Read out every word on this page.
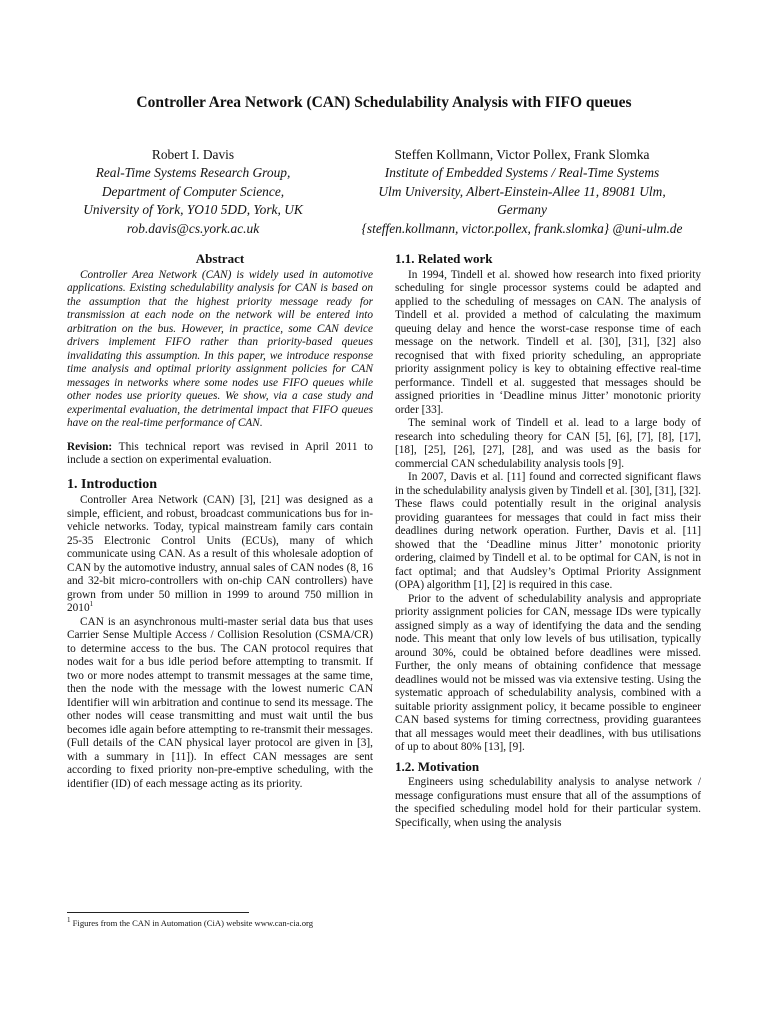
Controller Area Network (CAN) Schedulability Analysis with FIFO queues
Robert I. Davis
Real-Time Systems Research Group,
Department of Computer Science,
University of York, YO10 5DD, York, UK
rob.davis@cs.york.ac.uk
Steffen Kollmann, Victor Pollex, Frank Slomka
Institute of Embedded Systems / Real-Time Systems
Ulm University, Albert-Einstein-Allee 11, 89081 Ulm,
Germany
{steffen.kollmann, victor.pollex, frank.slomka} @uni-ulm.de
Abstract

Controller Area Network (CAN) is widely used in automotive applications. Existing schedulability analysis for CAN is based on the assumption that the highest priority message ready for transmission at each node on the network will be entered into arbitration on the bus. However, in practice, some CAN device drivers implement FIFO rather than priority-based queues invalidating this assumption. In this paper, we introduce response time analysis and optimal priority assignment policies for CAN messages in networks where some nodes use FIFO queues while other nodes use priority queues. We show, via a case study and experimental evaluation, the detrimental impact that FIFO queues have on the real-time performance of CAN.

Revision: This technical report was revised in April 2011 to include a section on experimental evaluation.

1. Introduction

Controller Area Network (CAN) [3], [21] was designed as a simple, efficient, and robust, broadcast communications bus for in-vehicle networks. Today, typical mainstream family cars contain 25-35 Electronic Control Units (ECUs), many of which communicate using CAN. As a result of this wholesale adoption of CAN by the automotive industry, annual sales of CAN nodes (8, 16 and 32-bit micro-controllers with on-chip CAN controllers) have grown from under 50 million in 1999 to around 750 million in 2010$^1$

CAN is an asynchronous multi-master serial data bus that uses Carrier Sense Multiple Access / Collision Resolution (CSMA/CR) to determine access to the bus. The CAN protocol requires that nodes wait for a bus idle period before attempting to transmit. If two or more nodes attempt to transmit messages at the same time, then the node with the message with the lowest numeric CAN Identifier will win arbitration and continue to send its message. The other nodes will cease transmitting and must wait until the bus becomes idle again before attempting to re-transmit their messages. (Full details of the CAN physical layer protocol are given in [3], with a summary in [11]). In effect CAN messages are sent according to fixed priority non-pre-emptive scheduling, with the identifier (ID) of each message acting as its priority.

$^1$ Figures from the CAN in Automation (CiA) website www.can-cia.org
1.1. Related work

In 1994, Tindell et al. showed how research into fixed priority scheduling for single processor systems could be adapted and applied to the scheduling of messages on CAN. The analysis of Tindell et al. provided a method of calculating the maximum queuing delay and hence the worst-case response time of each message on the network. Tindell et al. [30], [31], [32] also recognised that with fixed priority scheduling, an appropriate priority assignment policy is key to obtaining effective real-time performance. Tindell et al. suggested that messages should be assigned priorities in ‘Deadline minus Jitter’ monotonic priority order [33].

The seminal work of Tindell et al. lead to a large body of research into scheduling theory for CAN [5], [6], [7], [8], [17], [18], [25], [26], [27], [28], and was used as the basis for commercial CAN schedulability analysis tools [9].

In 2007, Davis et al. [11] found and corrected significant flaws in the schedulability analysis given by Tindell et al. [30], [31], [32]. These flaws could potentially result in the original analysis providing guarantees for messages that could in fact miss their deadlines during network operation. Further, Davis et al. [11] showed that the ‘Deadline minus Jitter’ monotonic priority ordering, claimed by Tindell et al. to be optimal for CAN, is not in fact optimal; and that Audsley’s Optimal Priority Assignment (OPA) algorithm [1], [2] is required in this case.

Prior to the advent of schedulability analysis and appropriate priority assignment policies for CAN, message IDs were typically assigned simply as a way of identifying the data and the sending node. This meant that only low levels of bus utilisation, typically around 30%, could be obtained before deadlines were missed. Further, the only means of obtaining confidence that message deadlines would not be missed was via extensive testing. Using the systematic approach of schedulability analysis, combined with a suitable priority assignment policy, it became possible to engineer CAN based systems for timing correctness, providing guarantees that all messages would meet their deadlines, with bus utilisations of up to about 80% [13], [9].

1.2. Motivation

Engineers using schedulability analysis to analyse network / message configurations must ensure that all of the assumptions of the specified scheduling model hold for their particular system. Specifically, when using the analysis
